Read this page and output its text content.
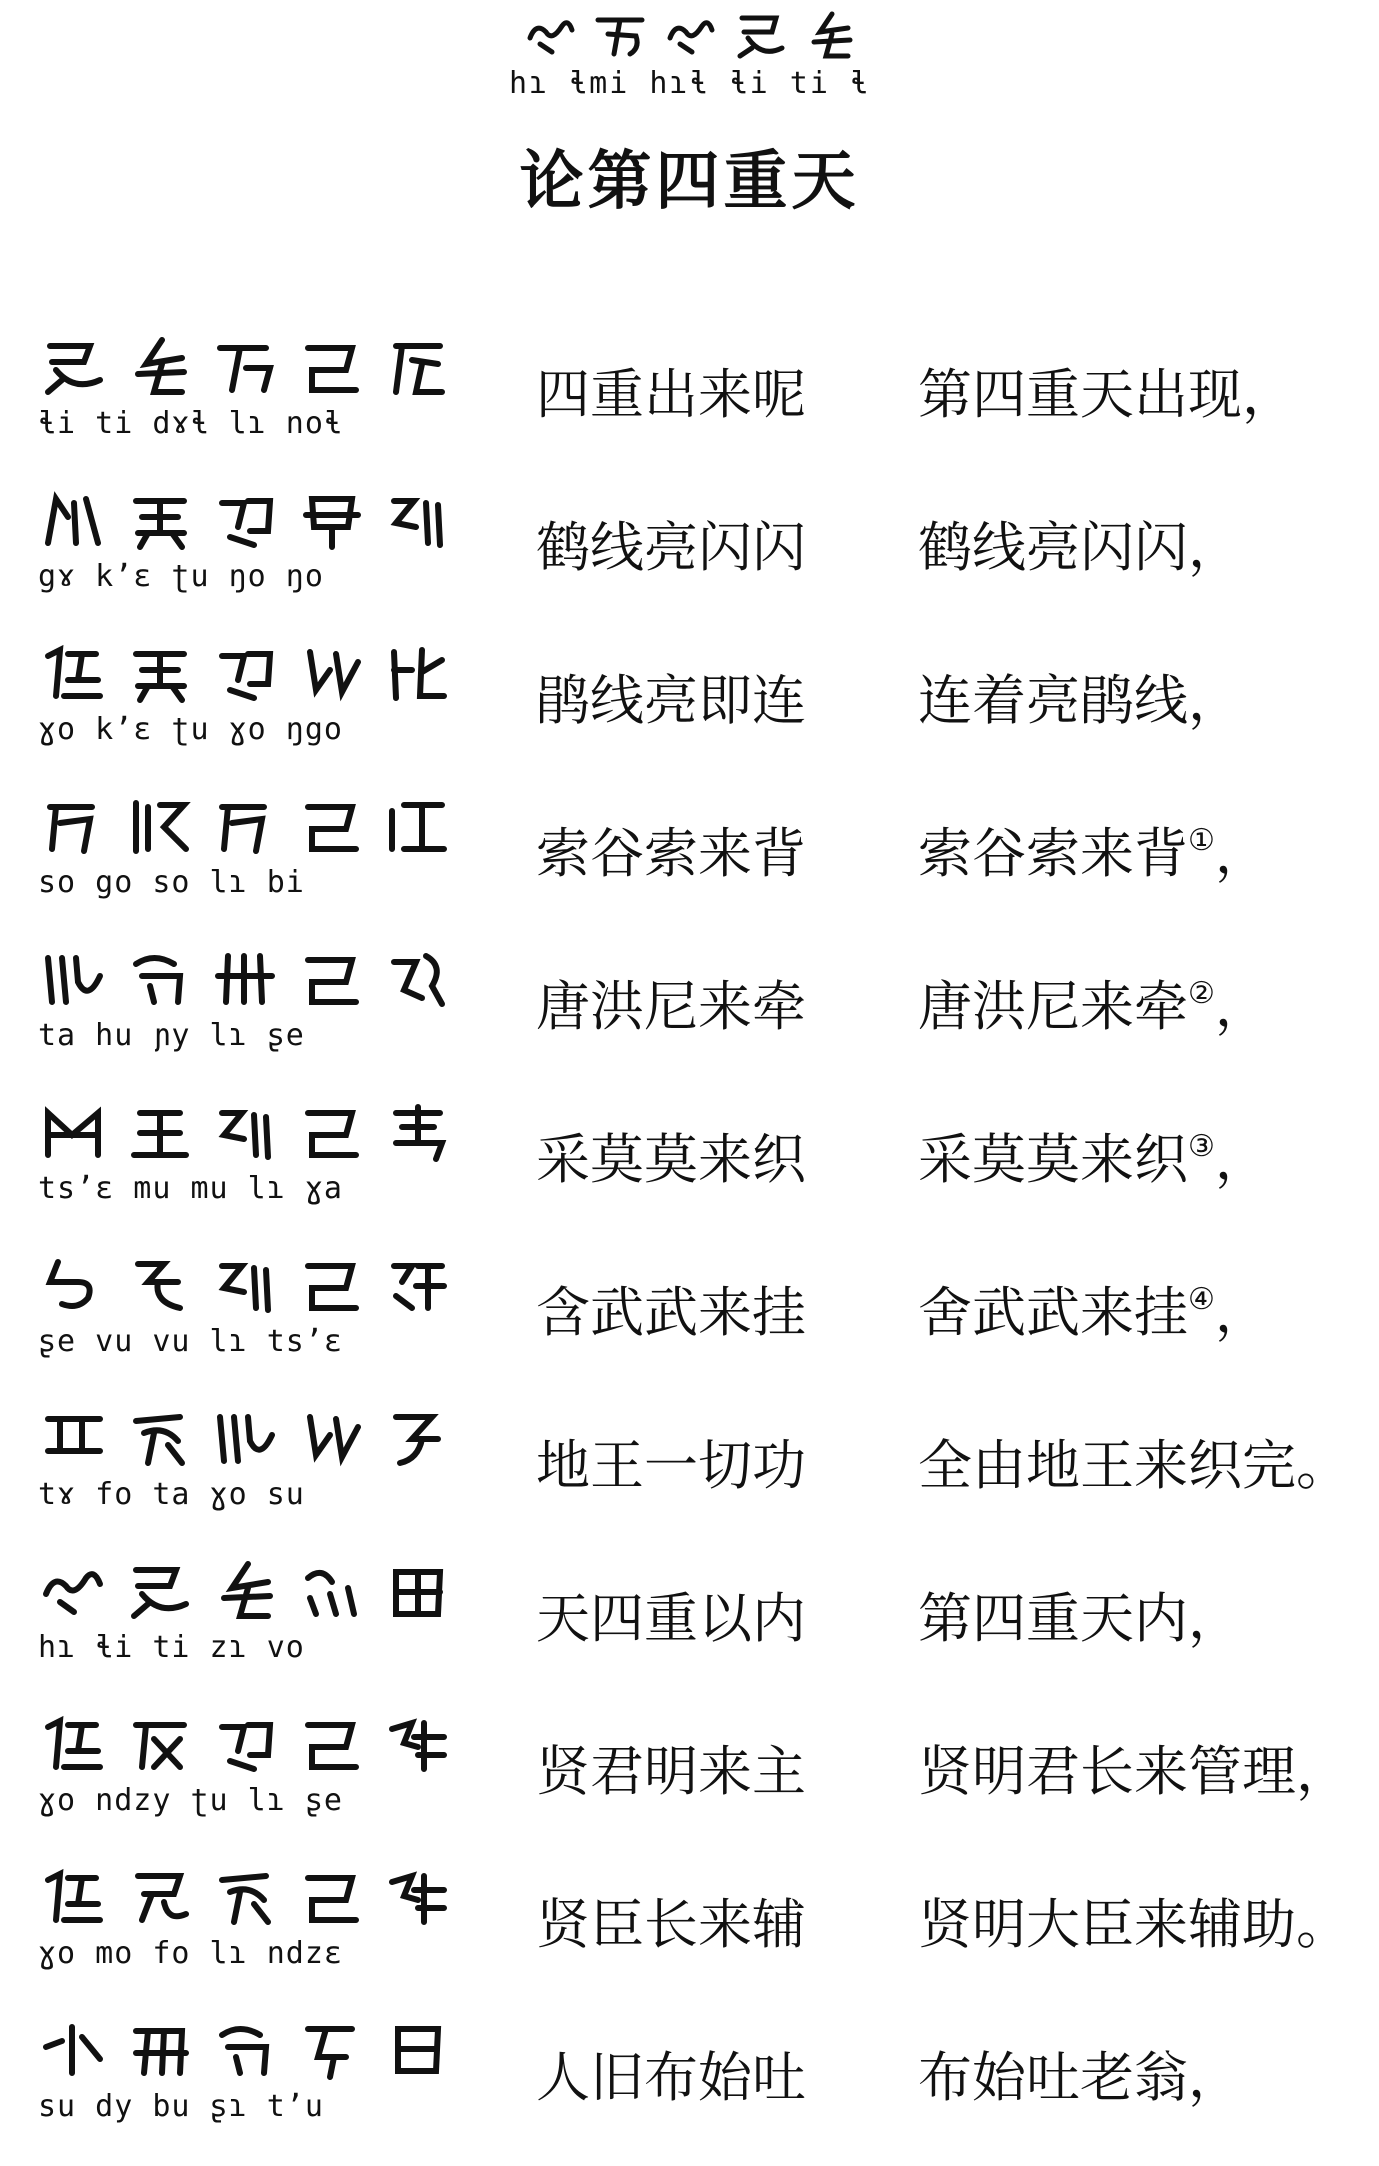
hɿ ɬmi hɿɬ ɬi ti ɬ
论第四重天
ɬi ti dɤɬ lɿ noɬ	四重出来呢 第四重天出现，
gɤ kʼɛ ʈu ŋo ŋo	鹤线亮闪闪 鹤线亮闪闪，
ɣo kʼɛ ʈu ɣo ŋgo	鹃线亮即连 连着亮鹃线，
so go so lɿ bi	索谷索来背 索谷索来背①，
ta hu ɲy lɿ ʂe	唐洪尼来牵 唐洪尼来牵②，
tsʼɛ mu mu lɿ ɣa	采莫莫来织 采莫莫来织③，
ʂe vu vu lɿ tsʼɛ	含武武来挂 舍武武来挂④，
tɤ fo ta ɣo su	地王一切功 全由地王来织完。
hɿ ɬi ti zɿ vo	天四重以内 第四重天内，
ɣo ndzy ʈu lɿ ʂe	贤君明来主 贤明君长来管理，
ɣo mo fo lɿ ndzɛ	贤臣长来辅 贤明大臣来辅助。
su dy bu ʂɿ tʼu	人旧布始吐 布始吐老翁，
